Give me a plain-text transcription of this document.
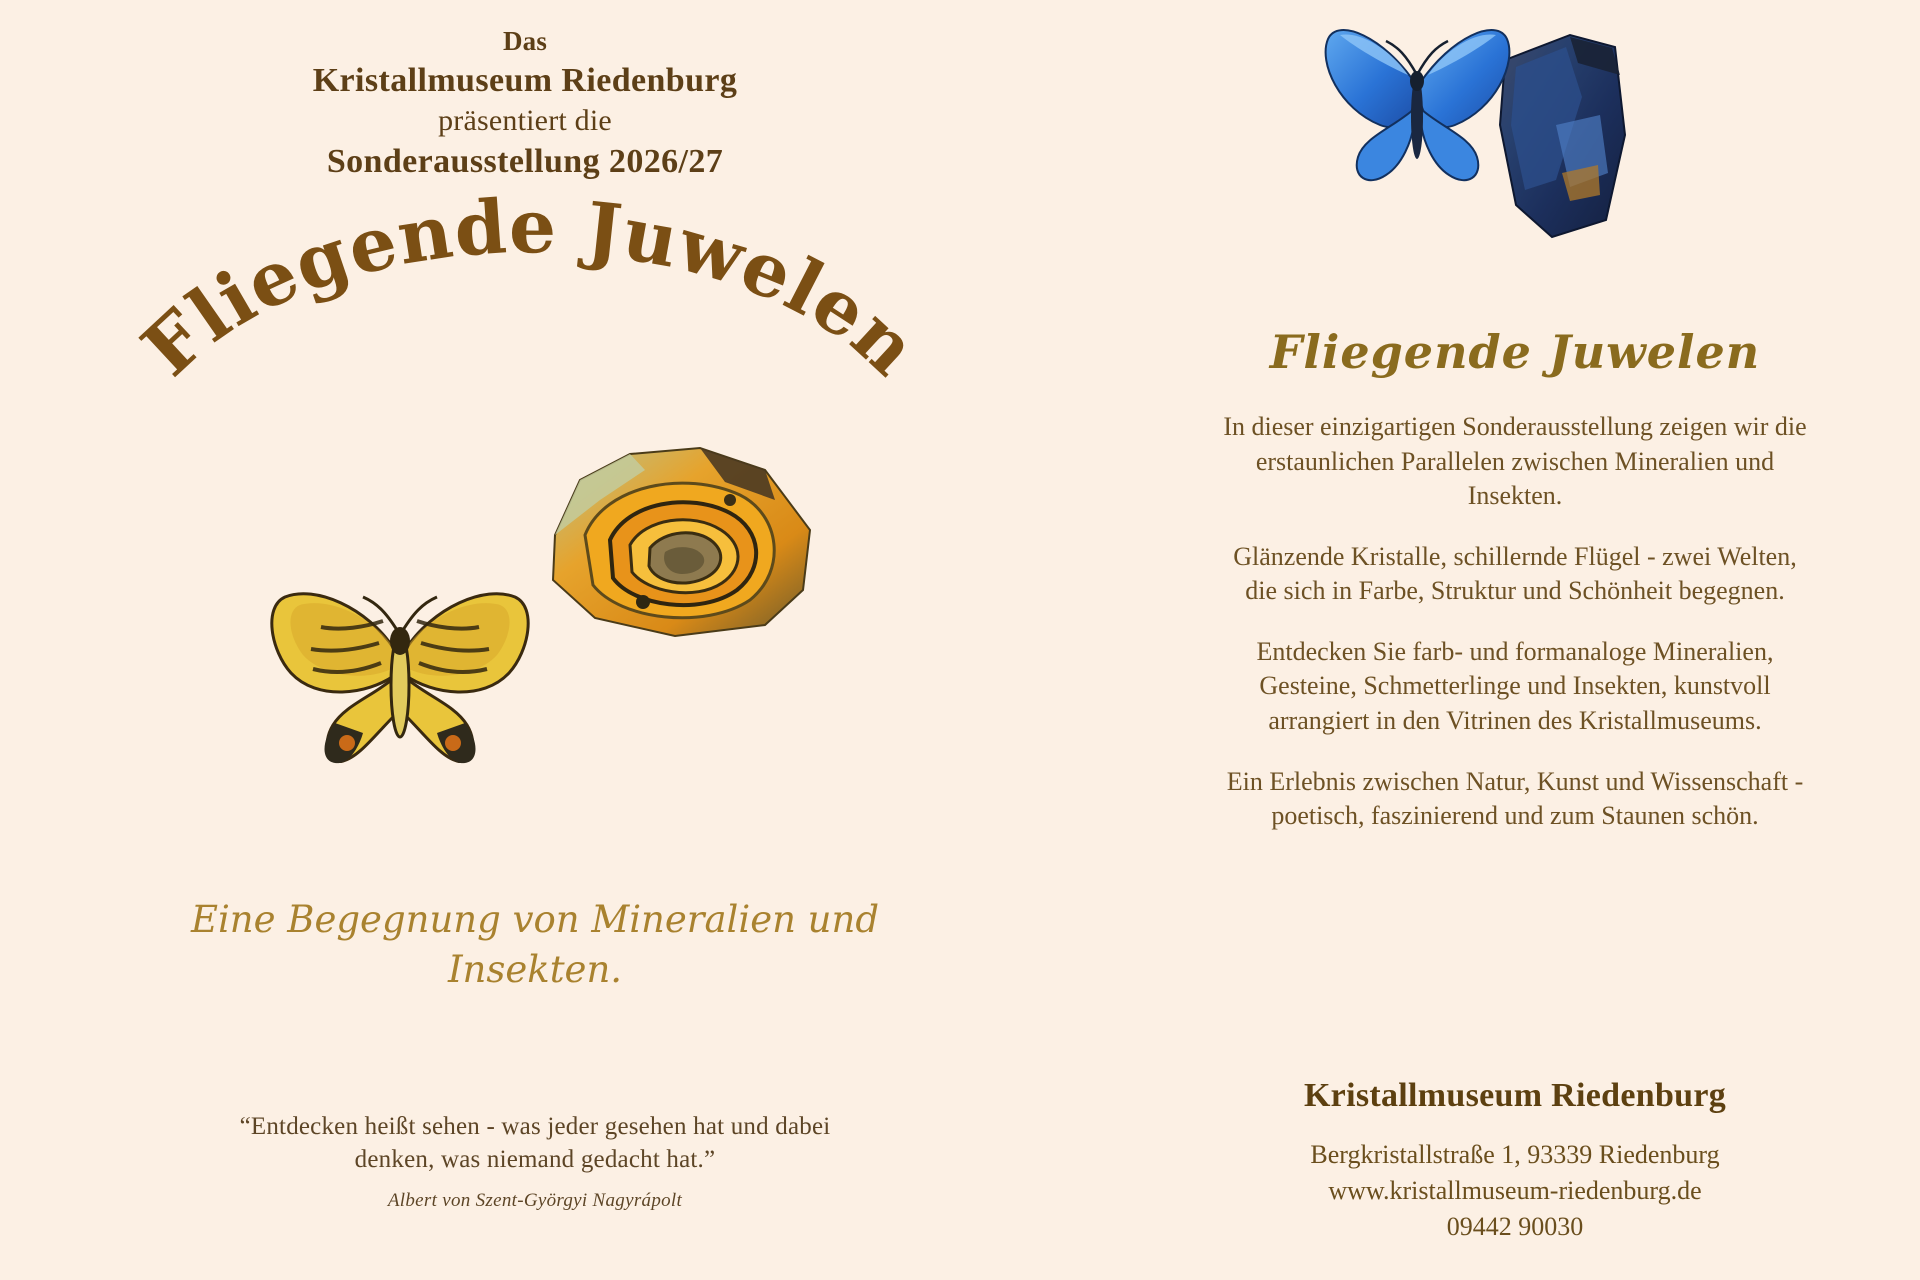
Das
Kristallmuseum Riedenburg
präsentiert die
Sonderausstellung 2026/27
Fliegende Juwelen
Eine Begegnung von Mineralien und Insekten.
“Entdecken heißt sehen - was jeder gesehen hat und dabei denken, was niemand gedacht hat.”
Albert von Szent-Györgyi Nagyrápolt
Fliegende Juwelen

In dieser einzigartigen Sonderausstellung zeigen wir die erstaunlichen Parallelen zwischen Mineralien und Insekten.

Glänzende Kristalle, schillernde Flügel - zwei Welten, die sich in Farbe, Struktur und Schönheit begegnen.

Entdecken Sie farb- und formanaloge Mineralien, Gesteine, Schmetterlinge und Insekten, kunstvoll arrangiert in den Vitrinen des Kristallmuseums.

Ein Erlebnis zwischen Natur, Kunst und Wissenschaft - poetisch, faszinierend und zum Staunen schön.

Kristallmuseum Riedenburg
Bergkristallstraße 1, 93339 Riedenburg
www.kristallmuseum-riedenburg.de
09442 90030
